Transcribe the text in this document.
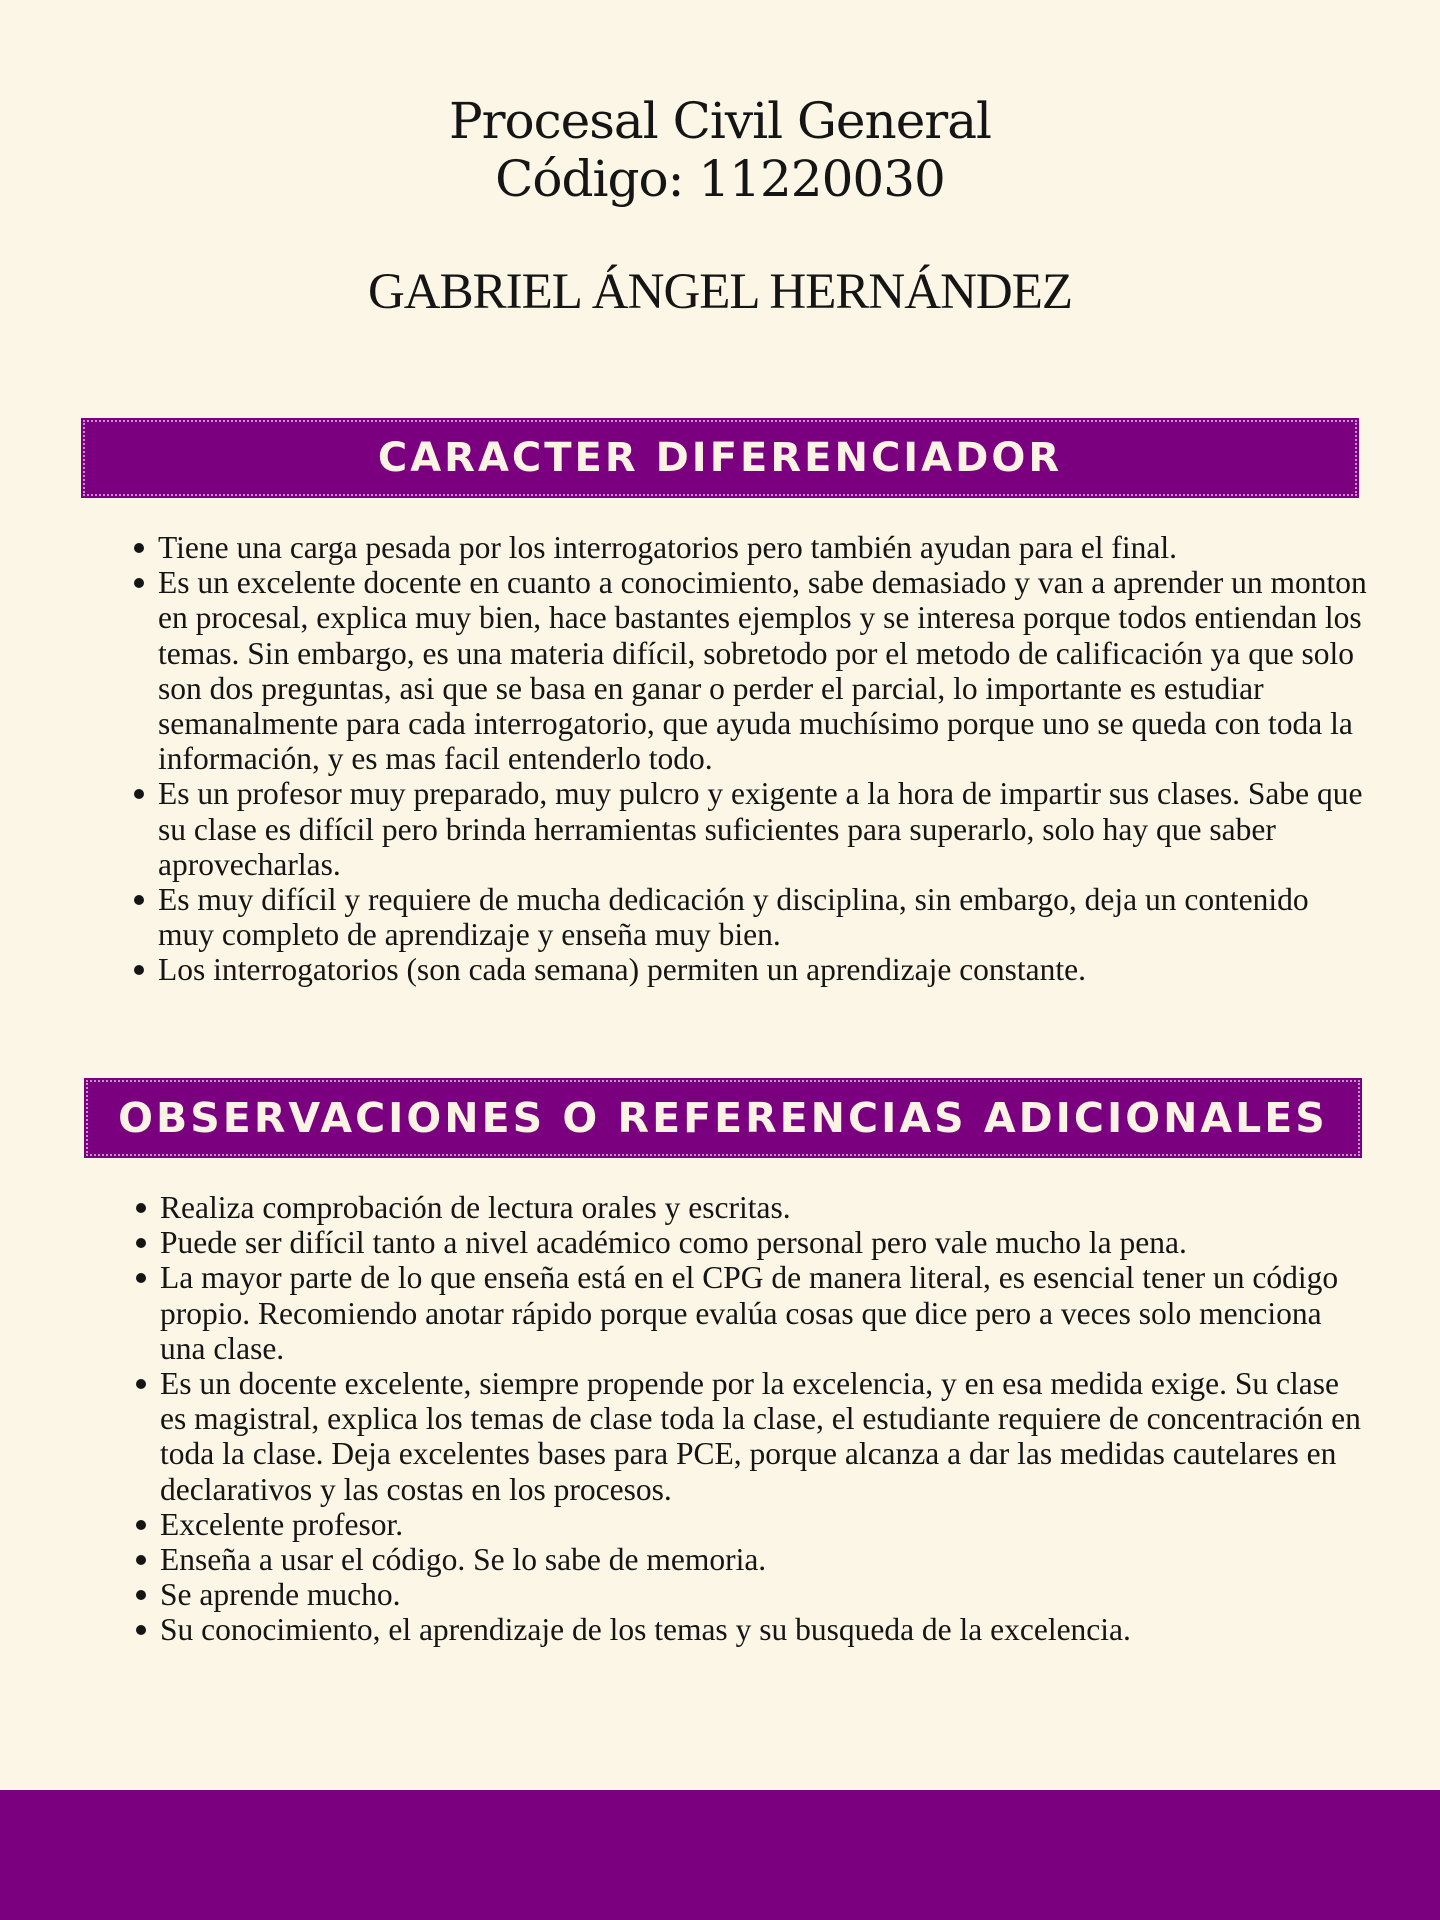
Procesal Civil General
Código: 11220030
GABRIEL ÁNGEL HERNÁNDEZ
CARACTER DIFERENCIADOR
Tiene una carga pesada por los interrogatorios pero también ayudan para el final.
Es un excelente docente en cuanto a conocimiento, sabe demasiado y van a aprender un monton en procesal, explica muy bien, hace bastantes ejemplos y se interesa porque todos entiendan los temas. Sin embargo, es una materia difícil, sobretodo por el metodo de calificación ya que solo son dos preguntas, asi que se basa en ganar o perder el parcial, lo importante es estudiar semanalmente para cada interrogatorio, que ayuda muchísimo porque uno se queda con toda la información, y es mas facil entenderlo todo.
Es un profesor muy preparado, muy pulcro y exigente a la hora de impartir sus clases. Sabe que su clase es difícil pero brinda herramientas suficientes para superarlo, solo hay que saber aprovecharlas.
Es muy difícil y requiere de mucha dedicación y disciplina, sin embargo, deja un contenido muy completo de aprendizaje y enseña muy bien.
Los interrogatorios (son cada semana) permiten un aprendizaje constante.
OBSERVACIONES O REFERENCIAS ADICIONALES
Realiza comprobación de lectura orales y escritas.
Puede ser difícil tanto a nivel académico como personal pero vale mucho la pena.
La mayor parte de lo que enseña está en el CPG de manera literal, es esencial tener un código propio. Recomiendo anotar rápido porque evalúa cosas que dice pero a veces solo menciona una clase.
Es un docente excelente, siempre propende por la excelencia, y en esa medida exige. Su clase es magistral, explica los temas de clase toda la clase, el estudiante requiere de concentración en toda la clase. Deja excelentes bases para PCE, porque alcanza a dar las medidas cautelares en declarativos y las costas en los procesos.
Excelente profesor.
Enseña a usar el código. Se lo sabe de memoria.
Se aprende mucho.
Su conocimiento, el aprendizaje de los temas y su busqueda de la excelencia.
